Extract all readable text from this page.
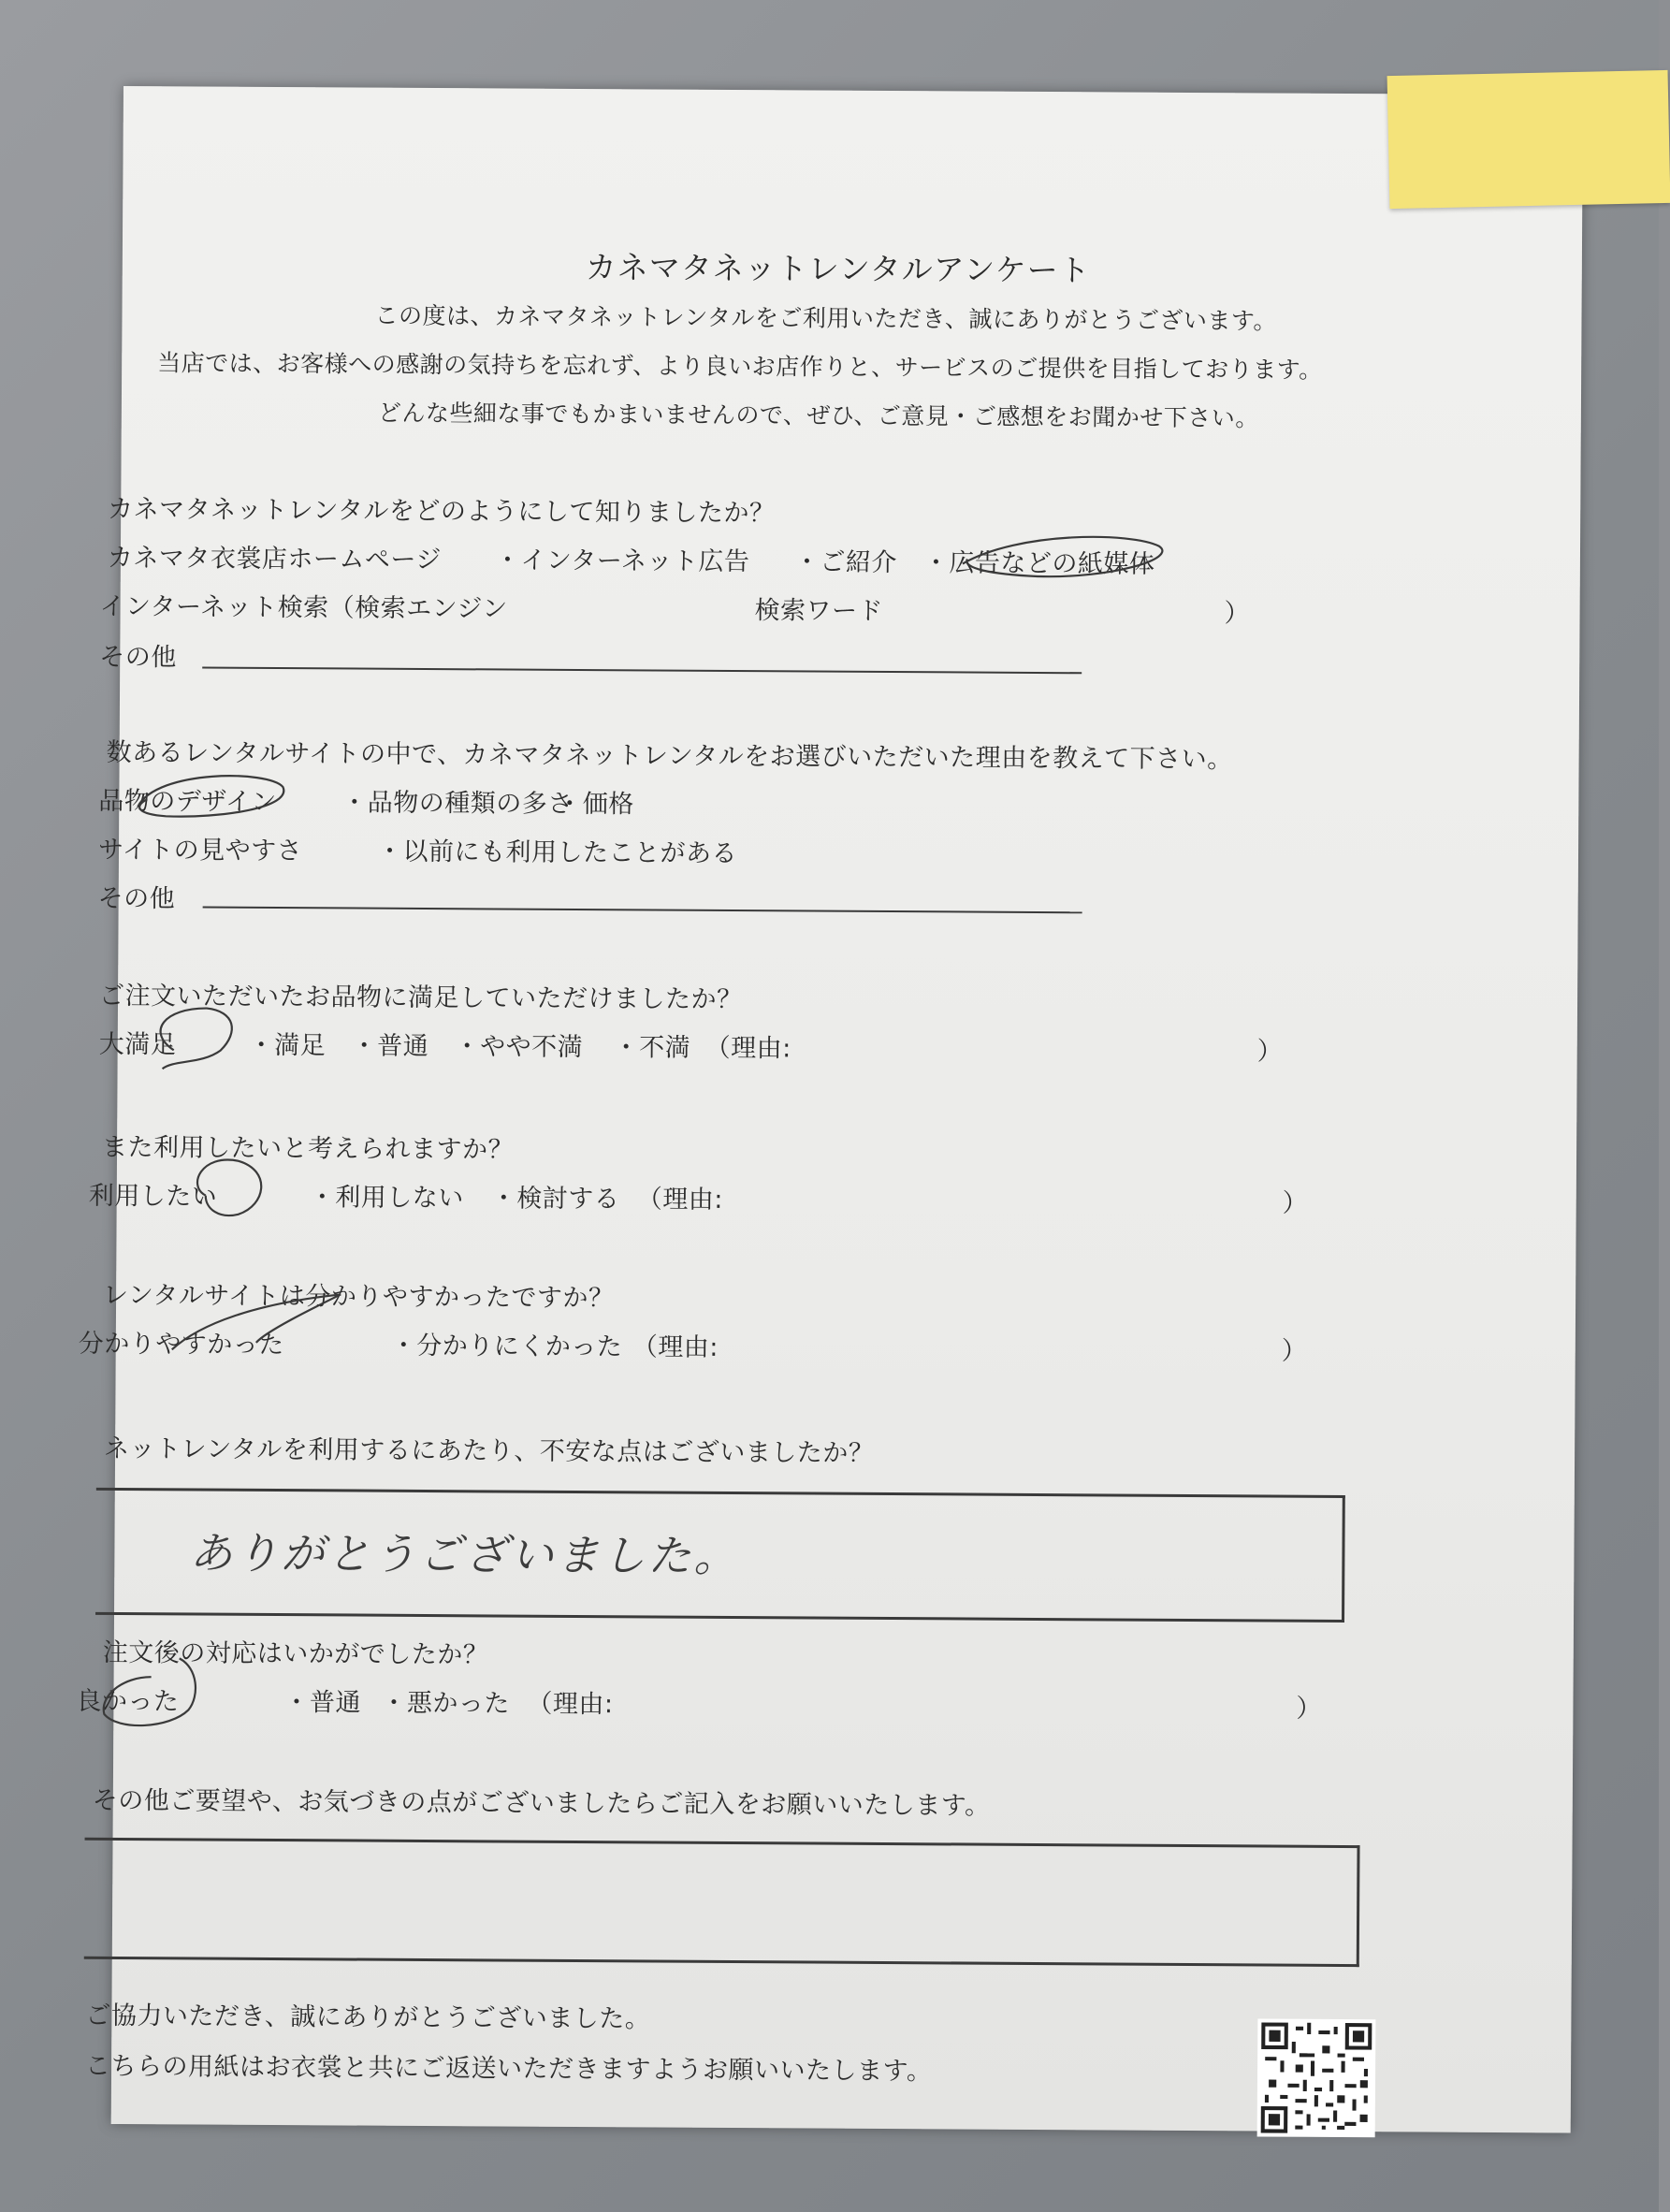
カネマタネットレンタルアンケート
この度は、カネマタネットレンタルをご利用いただき、誠にありがとうございます。
当店では、お客様への感謝の気持ちを忘れず、より良いお店作りと、サービスのご提供を目指しております。
どんな些細な事でもかまいませんので、ぜひ、ご意見・ご感想をお聞かせ下さい。
カネマタネットレンタルをどのようにして知りましたか？
カネマタ衣裳店ホームページ ・インターネット広告 ・ご紹介 ・広告などの紙媒体
インターネット検索（検索エンジン	検索ワード	）
その他
数あるレンタルサイトの中で、カネマタネットレンタルをお選びいただいた理由を教えて下さい。
品物のデザイン	・品物の種類の多さ
・価格
サイトの見やすさ	・以前にも利用したことがある
その他
ご注文いただいたお品物に満足していただけましたか？
大満足	・満足 ・普通 ・やや不満 ・不満 （理由:	）
また利用したいと考えられますか？
利用したい	・利用しない ・検討する （理由:	）
レンタルサイトは分かりやすかったですか？
分かりやすかった	・分かりにくかった （理由:	）
ネットレンタルを利用するにあたり、不安な点はございましたか？
ありがとうございました。
注文後の対応はいかがでしたか？
良かった	・普通 ・悪かった （理由:	）
その他ご要望や、お気づきの点がございましたらご記入をお願いいたします。
ご協力いただき、誠にありがとうございました。
こちらの用紙はお衣裳と共にご返送いただきますようお願いいたします。
